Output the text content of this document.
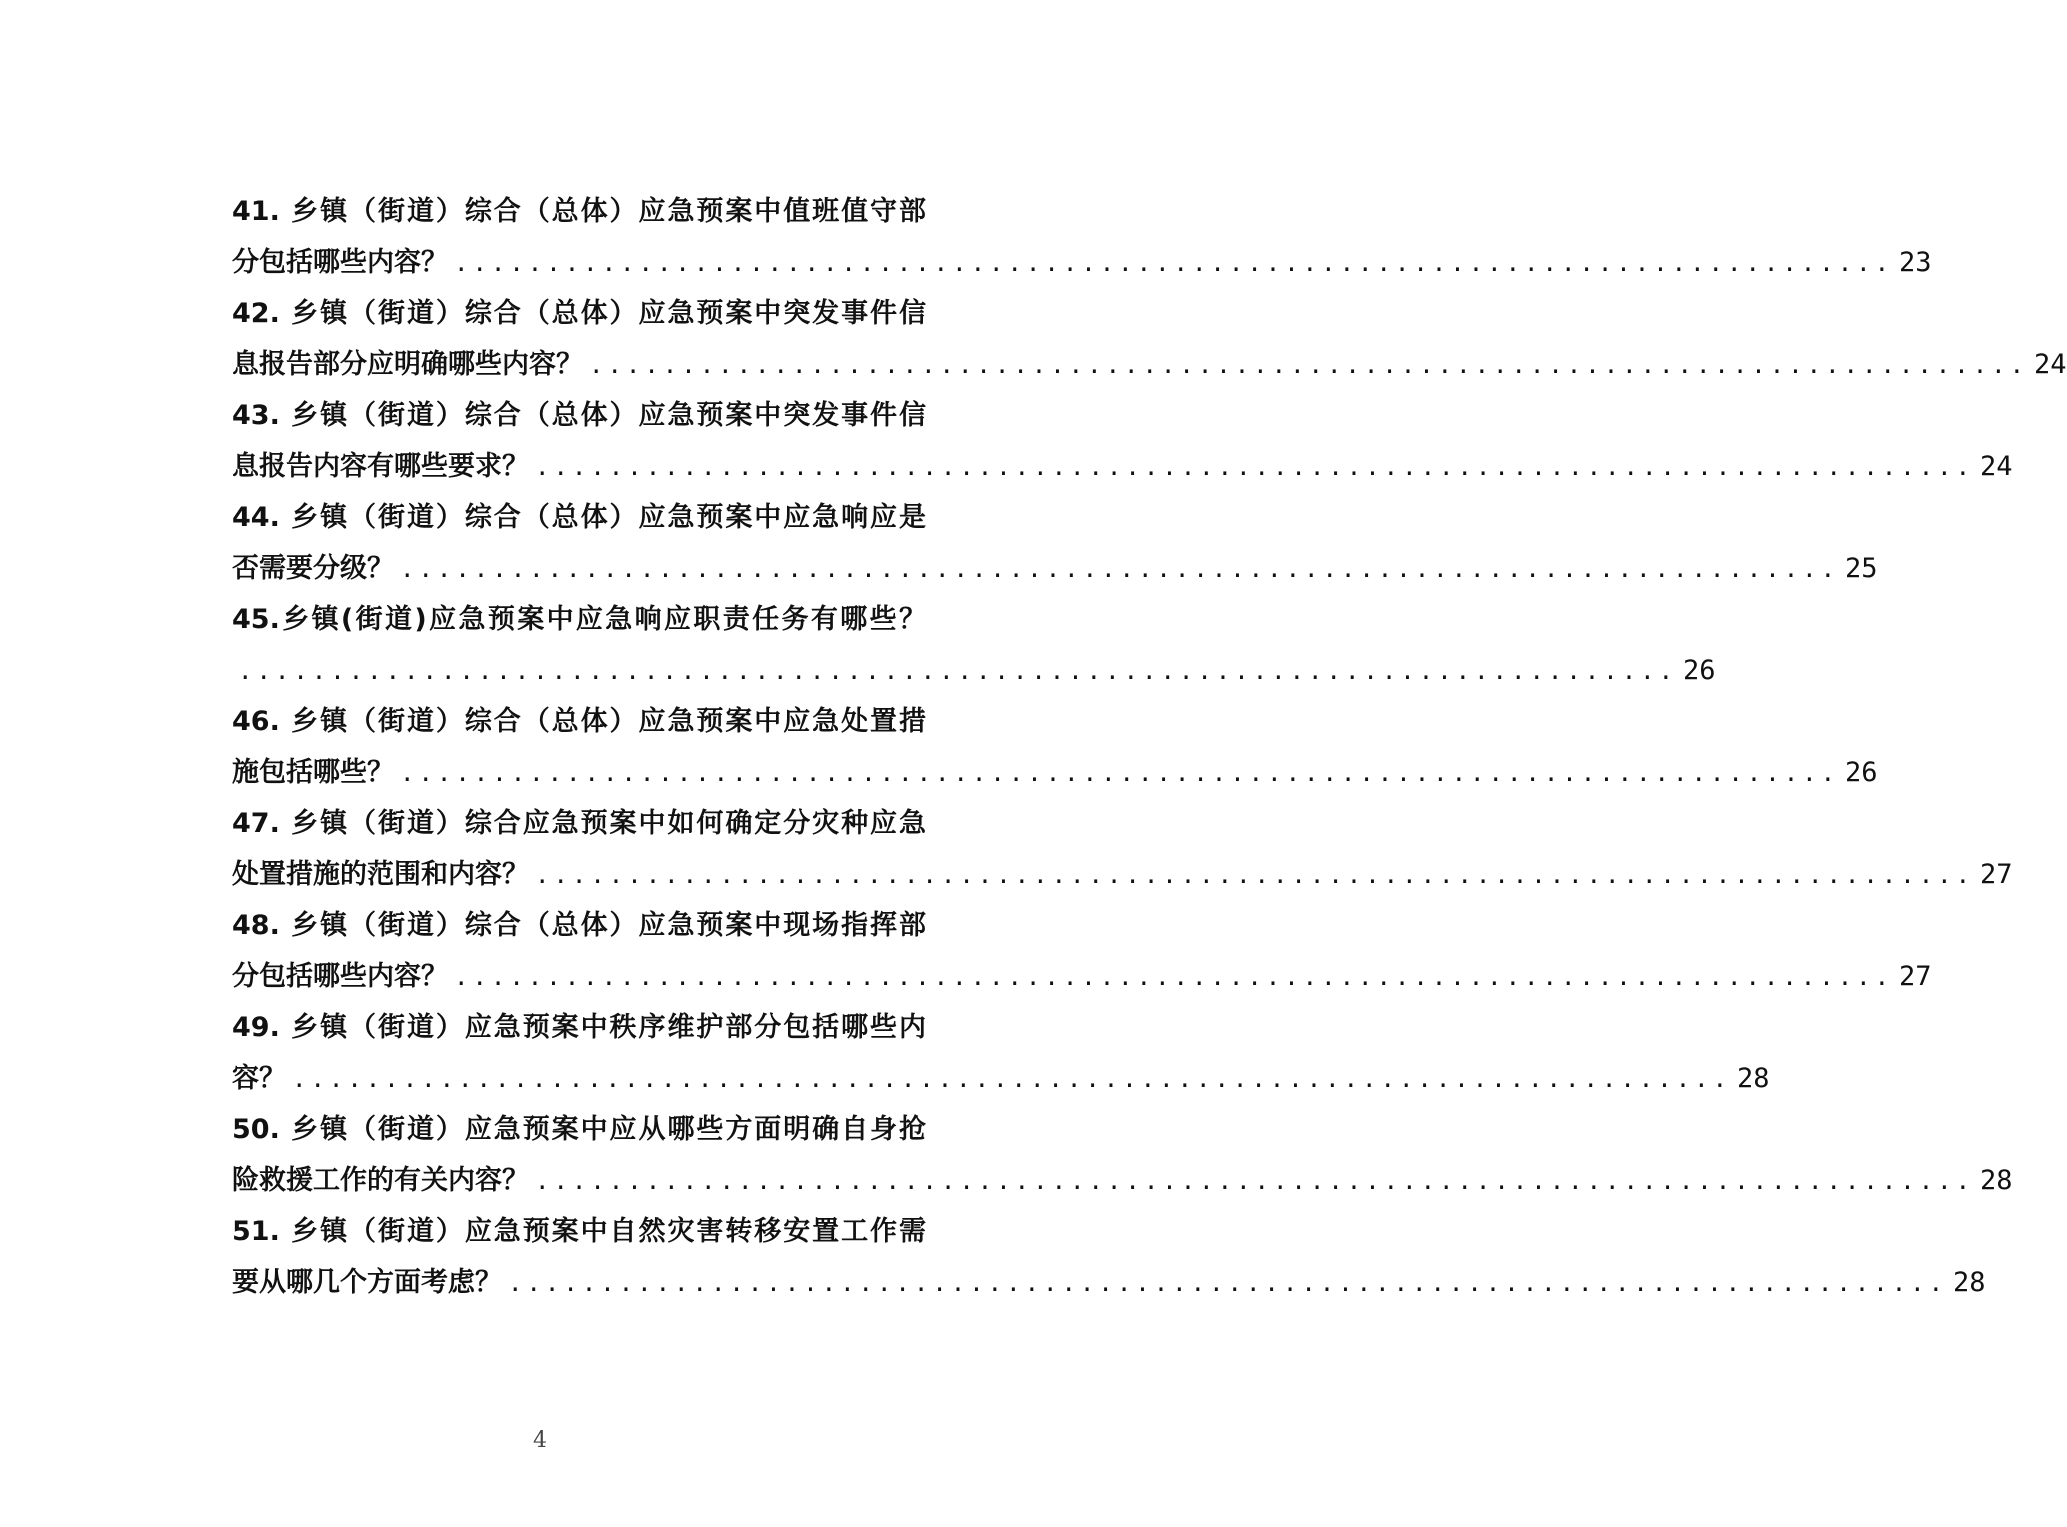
41. 乡镇（街道）综合（总体）应急预案中值班值守部
分包括哪些内容？ .............................................................................. 23
42. 乡镇（街道）综合（总体）应急预案中突发事件信
息报告部分应明确哪些内容？ .............................................................................. 24
43. 乡镇（街道）综合（总体）应急预案中突发事件信
息报告内容有哪些要求？ .............................................................................. 24
44. 乡镇（街道）综合（总体）应急预案中应急响应是
否需要分级？ .............................................................................. 25
45.乡镇(街道)应急预案中应急响应职责任务有哪些？
.............................................................................. 26
46. 乡镇（街道）综合（总体）应急预案中应急处置措
施包括哪些？ .............................................................................. 26
47. 乡镇（街道）综合应急预案中如何确定分灾种应急
处置措施的范围和内容？ .............................................................................. 27
48. 乡镇（街道）综合（总体）应急预案中现场指挥部
分包括哪些内容？ .............................................................................. 27
49. 乡镇（街道）应急预案中秩序维护部分包括哪些内
容？ .............................................................................. 28
50. 乡镇（街道）应急预案中应从哪些方面明确自身抢
险救援工作的有关内容？ .............................................................................. 28
51. 乡镇（街道）应急预案中自然灾害转移安置工作需
要从哪几个方面考虑？ .............................................................................. 28
4
